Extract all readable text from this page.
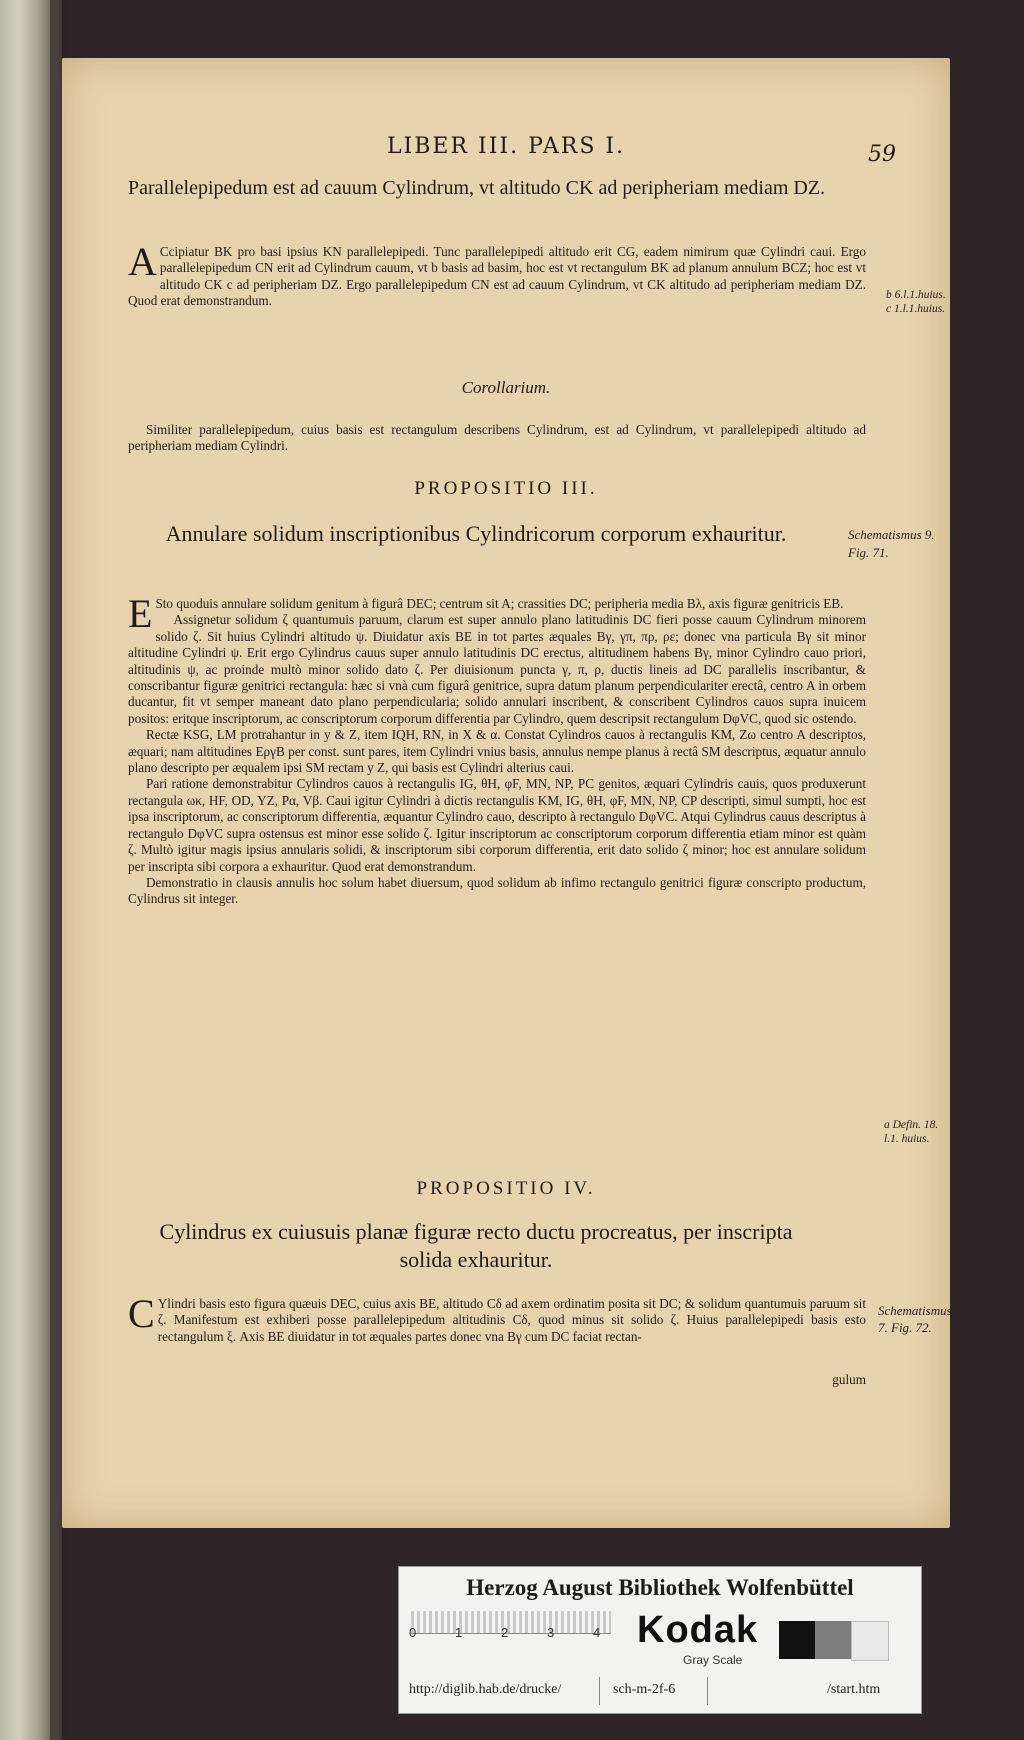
LIBER III. PARS I.	59
Parallelepipedum est ad cauum Cylindrum, vt altitudo CK ad peripheriam mediam DZ.
A Ccipiatur BK pro basi ipsius KN parallelepipedi. Tunc parallelepipedi altitudo erit CG, eadem nimirum quæ Cylindri caui. Ergo parallelepipedum CN erit ad Cylindrum cauum, vt b basis ad basim, hoc est vt rectangulum BK ad planum annulum BCZ; hoc est vt altitudo CK c ad peripheriam DZ. Ergo parallelepipedum CN est ad cauum Cylindrum, vt CK altitudo ad peripheriam mediam DZ. Quod erat demonstrandum.	b 6.l.1.huius. c 1.l.1.huius.
Corollarium.
Similiter parallelepipedum, cuius basis est rectangulum describens Cylindrum, est ad Cylindrum, vt parallelepipedi altitudo ad peripheriam mediam Cylindri.
PROPOSITIO III.
Annulare solidum inscriptionibus Cylindricorum corporum exhauritur.	Schematismus 9. Fig. 71.
E Sto quoduis annulare solidum genitum à figurâ DEC; centrum sit A; crassities DC; peripheria media Bλ, axis figuræ genitricis EB.
Assignetur solidum ζ quantumuis paruum, clarum est super annulo plano latitudinis DC fieri posse cauum Cylindrum minorem solido ζ. Sit huius Cylindri altitudo ψ. Diuidatur axis BE in tot partes æquales Bγ, γπ, πρ, ρε; donec vna particula Bγ sit minor altitudine Cylindri ψ. Erit ergo Cylindrus cauus super annulo latitudinis DC erectus, altitudinem habens Bγ, minor Cylindro cauo priori, altitudinis ψ, ac proinde multò minor solido dato ζ. Per diuisionum puncta γ, π, ρ, ductis lineis ad DC parallelis inscribantur, & conscribantur figuræ genitrici rectangula: hæc si vnà cum figurâ genitrice, supra datum planum perpendiculariter erectâ, centro A in orbem ducantur, fit vt semper maneant dato plano perpendicularia; solido annulari inscribent, & conscribent Cylindros cauos supra inuicem positos: eritque inscriptorum, ac conscriptorum corporum differentia par Cylindro, quem descripsit rectangulum DφVC, quod sic ostendo.
Rectæ KSG, LM protrahantur in y & Z, item IQH, RN, in X & α. Constat Cylindros cauos à rectangulis KM, Zω centro A descriptos, æquari; nam altitudines EργB per const. sunt pares, item Cylindri vnius basis, annulus nempe planus à rectâ SM descriptus, æquatur annulo plano descripto per æqualem ipsi SM rectam y Z, qui basis est Cylindri alterius caui.
Pari ratione demonstrabitur Cylindros cauos à rectangulis IG, θH, φF, MN, NP, PC genitos, æquari Cylindris cauis, quos produxerunt rectangula ωκ, HF, OD, YZ, Pα, Vβ. Caui igitur Cylindri à dictis rectangulis KM, IG, θH, φF, MN, NP, CP descripti, simul sumpti, hoc est ipsa inscriptorum, ac conscriptorum differentia, æquantur Cylindro cauo, descripto à rectangulo DφVC. Atqui Cylindrus cauus descriptus à rectangulo DφVC supra ostensus est minor esse solido ζ. Igitur inscriptorum ac conscriptorum corporum differentia etiam minor est quàm ζ. Multò igitur magis ipsius annularis solidi, & inscriptorum sibi corporum differentia, erit dato solido ζ minor; hoc est annulare solidum per inscripta sibi corpora a exhauritur. Quod erat demonstrandum.
Demonstratio in clausis annulis hoc solum habet diuersum, quod solidum ab infimo rectangulo genitrici figuræ conscripto productum, Cylindrus sit integer.
a Defin. 18. l.1. huius.
PROPOSITIO IV.
Cylindrus ex cuiusuis planæ figuræ recto ductu procreatus, per inscripta solida exhauritur.
C Ylindri basis esto figura quæuis DEC, cuius axis BE, altitudo Cδ ad axem ordinatim posita sit DC; & solidum quantumuis paruum sit ζ. Manifestum est exhiberi posse parallelepipedum altitudinis Cδ, quod minus sit solido ζ. Huius parallelepipedi basis esto rectangulum ξ. Axis BE diuidatur in tot æquales partes donec vna Bγ cum DC faciat rectan-
Schematismus 7. Fig. 72.
gulum
Herzog August Bibliothek Wolfenbüttel
0	1	2	3	4 Kodak
Gray Scale
http://diglib.hab.de/drucke/	sch-m-2f-6	/start.htm
